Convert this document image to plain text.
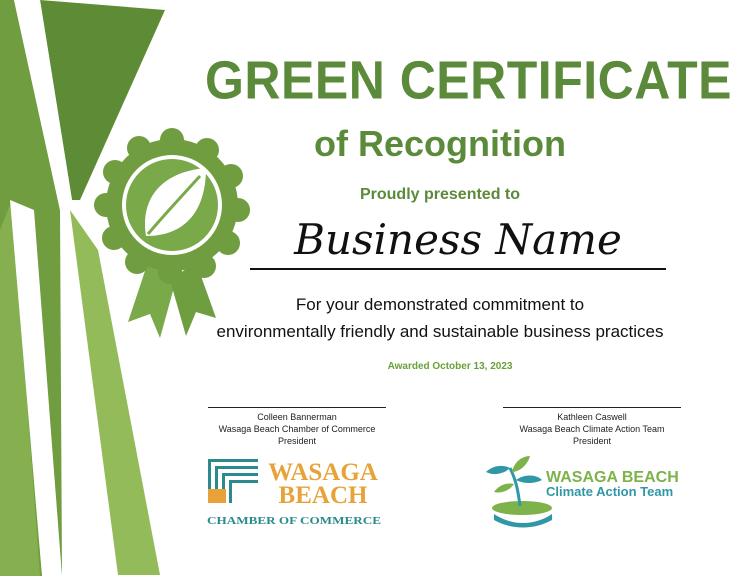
GREEN CERTIFICATE
of Recognition
Proudly presented to
Business Name
For your demonstrated commitment to
environmentally friendly and sustainable business practices
Awarded October 13, 2023
Colleen Bannerman
Wasaga Beach Chamber of Commerce
President
Kathleen Caswell
Wasaga Beach Climate Action Team
President
WASAGA
BEACH
CHAMBER OF COMMERCE
WASAGA BEACH
Climate Action Team
